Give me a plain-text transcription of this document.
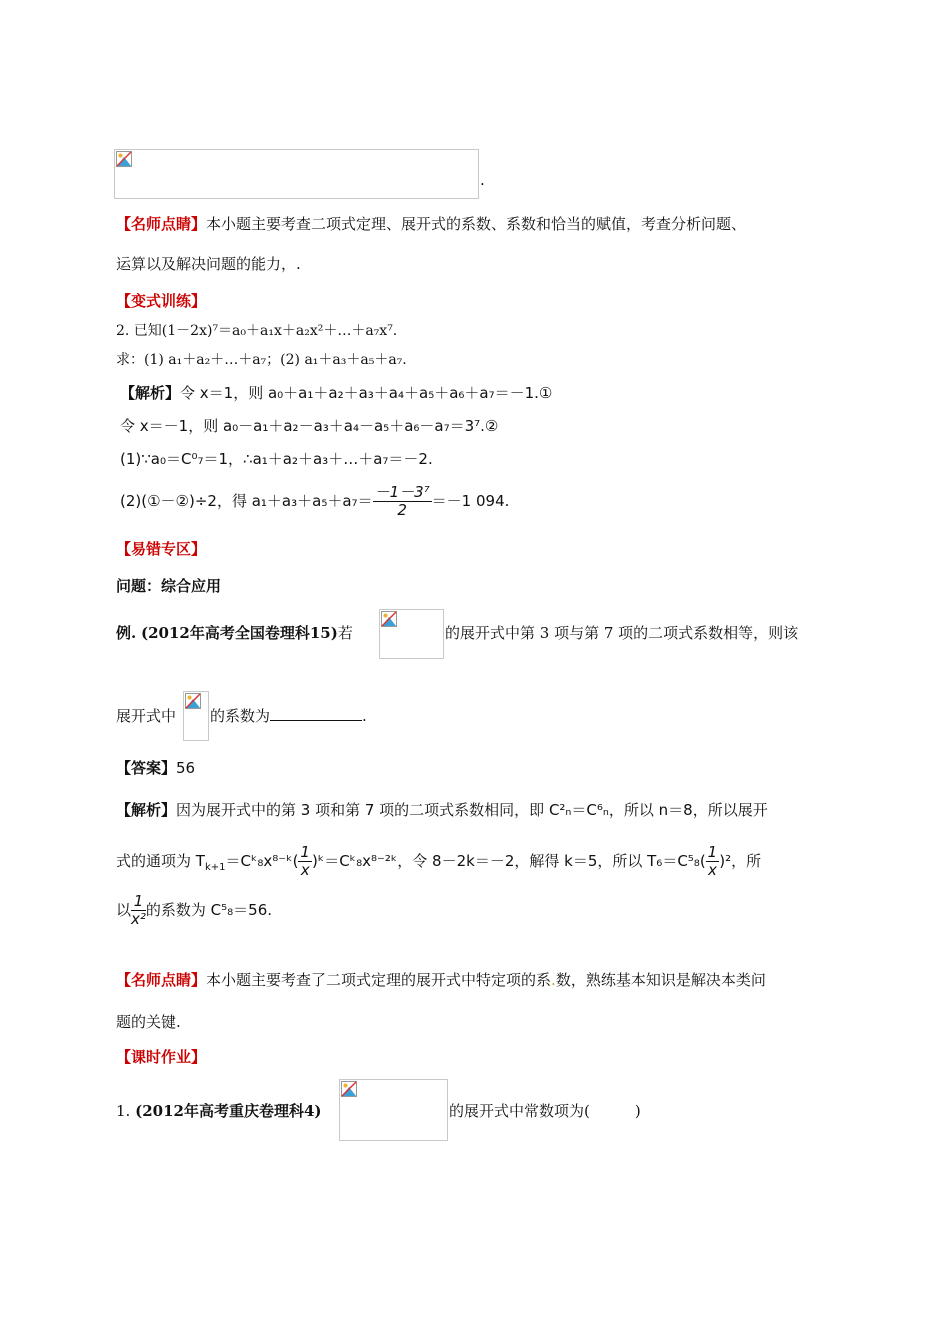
.
【名师点睛】本小题主要考查二项式定理、展开式的系数、系数和恰当的赋值，考查分析问题、
运算以及解决问题的能力，.
【变式训练】
2. 已知(1－2x)⁷＝a₀＋a₁x＋a₂x²＋…＋a₇x⁷.
求：(1) a₁＋a₂＋…＋a₇；(2) a₁＋a₃＋a₅＋a₇.
【解析】令 x＝1，则 a₀＋a₁＋a₂＋a₃＋a₄＋a₅＋a₆＋a₇＝－1.①
令 x＝－1，则 a₀－a₁＋a₂－a₃＋a₄－a₅＋a₆－a₇＝3⁷.②
(1)∵a₀＝C⁰₇＝1，∴a₁＋a₂＋a₃＋…＋a₇＝－2.
(2)(①－②)÷2，得 $a_1+a_3+a_5+a_7= \frac{\text{－1－3⁷}}{2} =-1$ 094.
【易错专区】
问题：综合应用
例. (2012年高考全国卷理科15)若	的展开式中第 3 项与第 7 项的二项式系数相等，则该
展开式中 的系数为	.
【答案】56
【解析】因为展开式中的第 3 项和第 7 项的二项式系数相同，即 C²ₙ＝C⁶ₙ，所以 n＝8，所以展开
式的通项为 $T_{k+1}=Cᵏ_8x^{8-}ᵏ( \frac{1}{x}$ )ᵏ＝Cᵏ₈x⁸⁻²ᵏ，令 8－2k＝－2，解得 k＝5，所以 $T_6=C^5_8( \frac{1}{x} )^2$，所
以 $\frac{1}{\text{x²}}$ 的系数为 C⁵₈＝56.
【名师点睛】本小题主要考查了二项式定理的展开式中特定项的系.数，熟练基本知识是解决本类问
题的关键.
【课时作业】
1. (2012年高考重庆卷理科4)	的展开式中常数项为(　　　)
